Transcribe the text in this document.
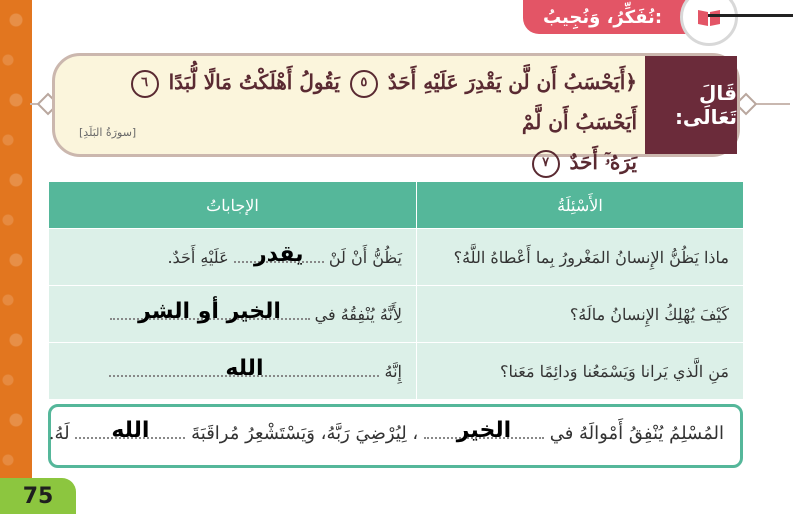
نُفَكِّرُ، وَنُجِيبُ:
قَالَ تَعَالَى:
﴿أَيَحْسَبُ أَن لَّن يَقْدِرَ عَلَيْهِ أَحَدٌ ٥ يَقُولُ أَهْلَكْتُ مَالًا لُّبَدًا ٦ أَيَحْسَبُ أَن لَّمْ
يَرَهُۥٓ أَحَدٌ ٧
[سورَةُ البَلَدِ]
الإجاباتُ	الأَسْئِلَةُ
يَظُنُّ أَنْ لَنْ
يقدر
عَلَيْهِ أَحَدٌ.	ماذا يَظُنُّ الإِنسانُ المَغْرورُ بِما أَعْطاهُ اللَّهُ؟
لِأَنَّهُ يُنْفِقُهُ في
الخير أو الشر	كَيْفَ يُهْلِكُ الإِنسانُ مالَهُ؟
إِنَّهُ
الله	مَنِ الَّذي يَرانا وَيَسْمَعُنا وَدائِمًا مَعَنا؟
المُسْلِمُ يُنْفِقُ أَمْوالَهُ في
الخير
، لِيُرْضِيَ رَبَّهُ، وَيَسْتَشْعِرُ مُراقَبَةَ
الله
لَهُ.
75
